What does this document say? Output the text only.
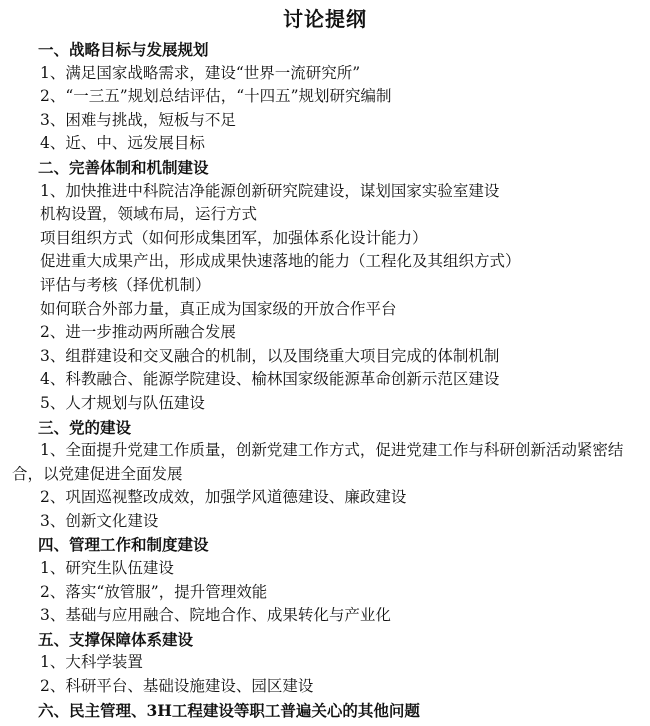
讨论提纲
一、战略目标与发展规划
1、满足国家战略需求，建设“世界一流研究所”
2、“一三五”规划总结评估，“十四五”规划研究编制
3、困难与挑战，短板与不足
4、近、中、远发展目标
二、完善体制和机制建设
1、加快推进中科院洁净能源创新研究院建设，谋划国家实验室建设
机构设置，领域布局，运行方式
项目组织方式（如何形成集团军，加强体系化设计能力）
促进重大成果产出，形成成果快速落地的能力（工程化及其组织方式）
评估与考核（择优机制）
如何联合外部力量，真正成为国家级的开放合作平台
2、进一步推动两所融合发展
3、组群建设和交叉融合的机制，以及围绕重大项目完成的体制机制
4、科教融合、能源学院建设、榆林国家级能源革命创新示范区建设
5、人才规划与队伍建设
三、党的建设
1、全面提升党建工作质量，创新党建工作方式，促进党建工作与科研创新活动紧密结
合，以党建促进全面发展
2、巩固巡视整改成效，加强学风道德建设、廉政建设
3、创新文化建设
四、管理工作和制度建设
1、研究生队伍建设
2、落实“放管服”，提升管理效能
3、基础与应用融合、院地合作、成果转化与产业化
五、支撑保障体系建设
1、大科学装置
2、科研平台、基础设施建设、园区建设
六、民主管理、3H工程建设等职工普遍关心的其他问题
